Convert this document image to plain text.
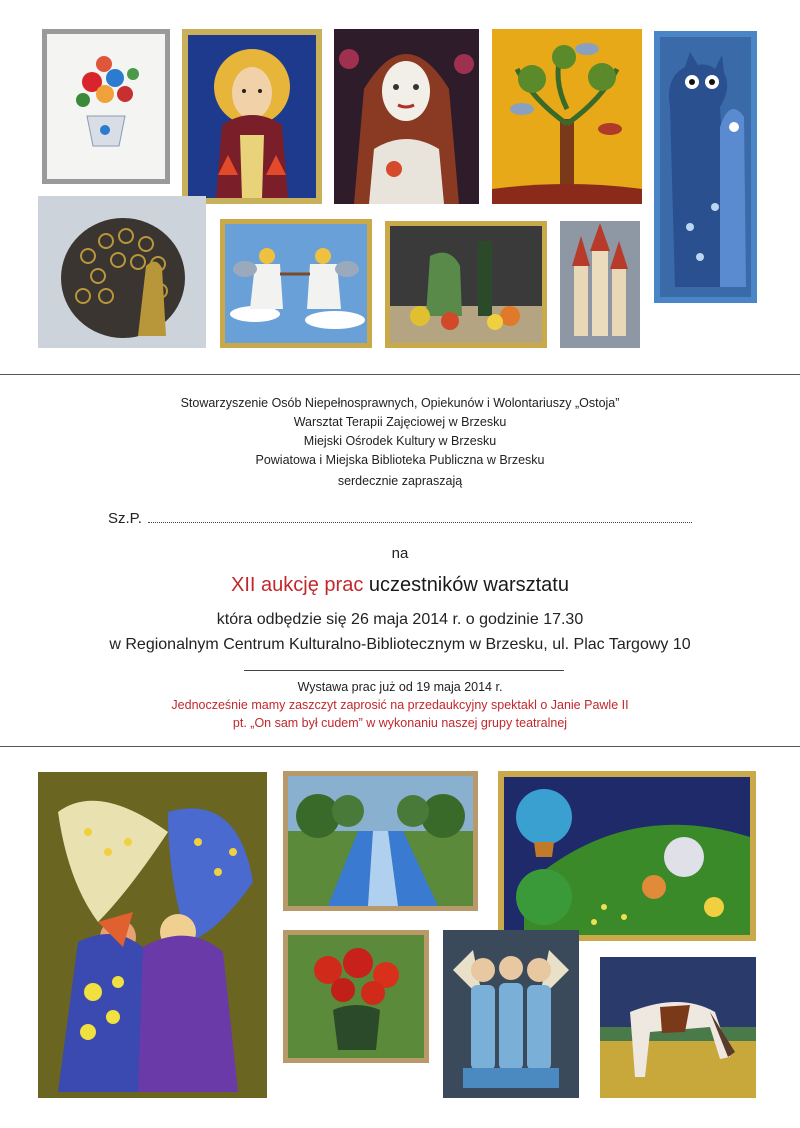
Stowarzyszenie Osób Niepełnosprawnych, Opiekunów i Wolontariuszy „Ostoja”
Warsztat Terapii Zajęciowej w Brzesku
Miejski Ośrodek Kultury w Brzesku
Powiatowa i Miejska Biblioteka Publiczna w Brzesku
serdecznie zapraszają
Sz.P.
na
XII aukcję prac uczestników warsztatu
która odbędzie się 26 maja 2014 r. o godzinie 17.30
w Regionalnym Centrum Kulturalno-Bibliotecznym w Brzesku, ul. Plac Targowy 10
Wystawa prac już od 19 maja 2014 r.
Jednocześnie mamy zaszczyt zaprosić na przedaukcyjny spektakl o Janie Pawle II
pt. „On sam był cudem” w wykonaniu naszej grupy teatralnej
